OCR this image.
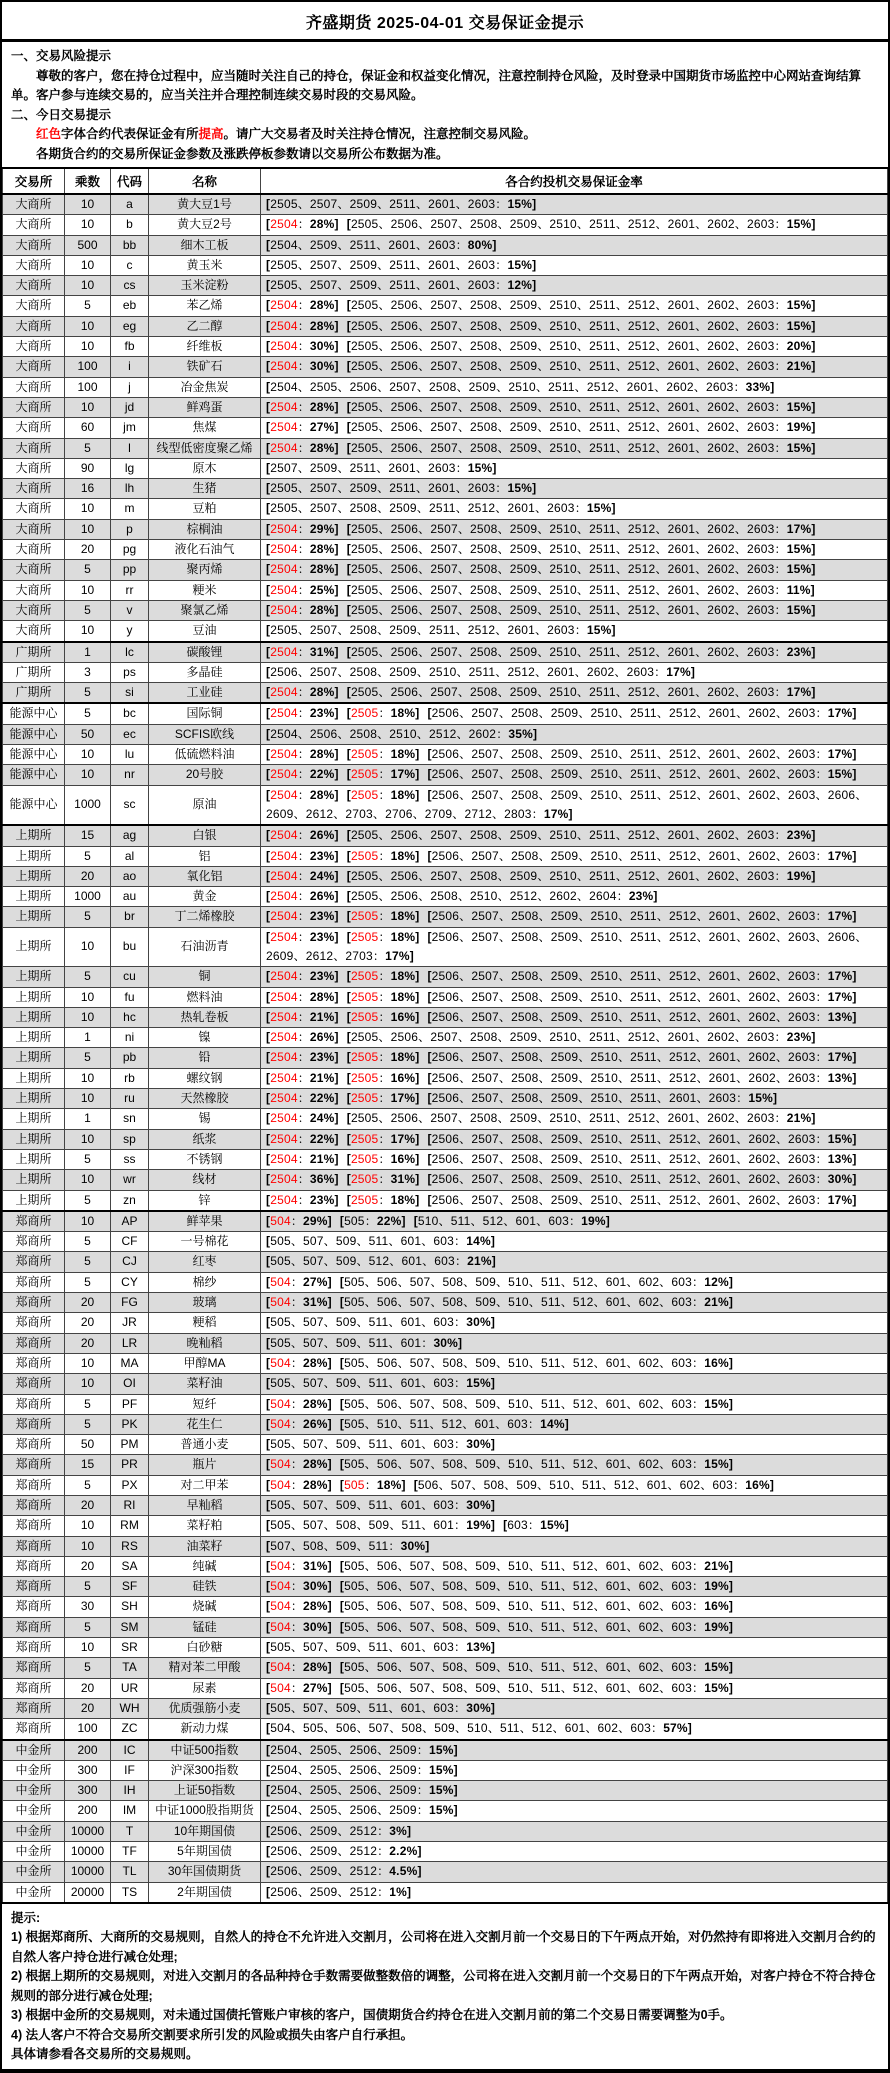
齐盛期货 2025-04-01 交易保证金提示
一、交易风险提示
尊敬的客户，您在持仓过程中，应当随时关注自己的持仓，保证金和权益变化情况，注意控制持仓风险，及时登录中国期货市场监控中心网站查询结算单。客户参与连续交易的，应当关注并合理控制连续交易时段的交易风险。
二、今日交易提示
红色字体合约代表保证金有所提高。请广大交易者及时关注持仓情况，注意控制交易风险。
各期货合约的交易所保证金参数及涨跌停板参数请以交易所公布数据为准。
交易所	乘数	代码	名称	各合约投机交易保证金率
大商所	10	a	黄大豆1号	[2505、2507、2509、2511、2601、2603：15%]
大商所	10	b	黄大豆2号	[2504：28%] [2505、2506、2507、2508、2509、2510、2511、2512、2601、2602、2603：15%]
大商所	500	bb	细木工板	[2504、2509、2511、2601、2603：80%]
大商所	10	c	黄玉米	[2505、2507、2509、2511、2601、2603：15%]
大商所	10	cs	玉米淀粉	[2505、2507、2509、2511、2601、2603：12%]
大商所	5	eb	苯乙烯	[2504：28%] [2505、2506、2507、2508、2509、2510、2511、2512、2601、2602、2603：15%]
大商所	10	eg	乙二醇	[2504：28%] [2505、2506、2507、2508、2509、2510、2511、2512、2601、2602、2603：15%]
大商所	10	fb	纤维板	[2504：30%] [2505、2506、2507、2508、2509、2510、2511、2512、2601、2602、2603：20%]
大商所	100	i	铁矿石	[2504：30%] [2505、2506、2507、2508、2509、2510、2511、2512、2601、2602、2603：21%]
大商所	100	j	冶金焦炭	[2504、2505、2506、2507、2508、2509、2510、2511、2512、2601、2602、2603：33%]
大商所	10	jd	鲜鸡蛋	[2504：28%] [2505、2506、2507、2508、2509、2510、2511、2512、2601、2602、2603：15%]
大商所	60	jm	焦煤	[2504：27%] [2505、2506、2507、2508、2509、2510、2511、2512、2601、2602、2603：19%]
大商所	5	l	线型低密度聚乙烯	[2504：28%] [2505、2506、2507、2508、2509、2510、2511、2512、2601、2602、2603：15%]
大商所	90	lg	原木	[2507、2509、2511、2601、2603：15%]
大商所	16	lh	生猪	[2505、2507、2509、2511、2601、2603：15%]
大商所	10	m	豆粕	[2505、2507、2508、2509、2511、2512、2601、2603：15%]
大商所	10	p	棕榈油	[2504：29%] [2505、2506、2507、2508、2509、2510、2511、2512、2601、2602、2603：17%]
大商所	20	pg	液化石油气	[2504：28%] [2505、2506、2507、2508、2509、2510、2511、2512、2601、2602、2603：15%]
大商所	5	pp	聚丙烯	[2504：28%] [2505、2506、2507、2508、2509、2510、2511、2512、2601、2602、2603：15%]
大商所	10	rr	粳米	[2504：25%] [2505、2506、2507、2508、2509、2510、2511、2512、2601、2602、2603：11%]
大商所	5	v	聚氯乙烯	[2504：28%] [2505、2506、2507、2508、2509、2510、2511、2512、2601、2602、2603：15%]
大商所	10	y	豆油	[2505、2507、2508、2509、2511、2512、2601、2603：15%]
广期所	1	lc	碳酸锂	[2504：31%] [2505、2506、2507、2508、2509、2510、2511、2512、2601、2602、2603：23%]
广期所	3	ps	多晶硅	[2506、2507、2508、2509、2510、2511、2512、2601、2602、2603：17%]
广期所	5	si	工业硅	[2504：28%] [2505、2506、2507、2508、2509、2510、2511、2512、2601、2602、2603：17%]
能源中心	5	bc	国际铜	[2504：23%] [2505：18%] [2506、2507、2508、2509、2510、2511、2512、2601、2602、2603：17%]
能源中心	50	ec	SCFIS欧线	[2504、2506、2508、2510、2512、2602：35%]
能源中心	10	lu	低硫燃料油	[2504：28%] [2505：18%] [2506、2507、2508、2509、2510、2511、2512、2601、2602、2603：17%]
能源中心	10	nr	20号胶	[2504：22%] [2505：17%] [2506、2507、2508、2509、2510、2511、2512、2601、2602、2603：15%]
能源中心	1000	sc	原油	[2504：28%] [2505：18%] [2506、2507、2508、2509、2510、2511、2512、2601、2602、2603、2606、2609、2612、2703、2706、2709、2712、2803：17%]
上期所	15	ag	白银	[2504：26%] [2505、2506、2507、2508、2509、2510、2511、2512、2601、2602、2603：23%]
上期所	5	al	铝	[2504：23%] [2505：18%] [2506、2507、2508、2509、2510、2511、2512、2601、2602、2603：17%]
上期所	20	ao	氧化铝	[2504：24%] [2505、2506、2507、2508、2509、2510、2511、2512、2601、2602、2603：19%]
上期所	1000	au	黄金	[2504：26%] [2505、2506、2508、2510、2512、2602、2604：23%]
上期所	5	br	丁二烯橡胶	[2504：23%] [2505：18%] [2506、2507、2508、2509、2510、2511、2512、2601、2602、2603：17%]
上期所	10	bu	石油沥青	[2504：23%] [2505：18%] [2506、2507、2508、2509、2510、2511、2512、2601、2602、2603、2606、2609、2612、2703：17%]
上期所	5	cu	铜	[2504：23%] [2505：18%] [2506、2507、2508、2509、2510、2511、2512、2601、2602、2603：17%]
上期所	10	fu	燃料油	[2504：28%] [2505：18%] [2506、2507、2508、2509、2510、2511、2512、2601、2602、2603：17%]
上期所	10	hc	热轧卷板	[2504：21%] [2505：16%] [2506、2507、2508、2509、2510、2511、2512、2601、2602、2603：13%]
上期所	1	ni	镍	[2504：26%] [2505、2506、2507、2508、2509、2510、2511、2512、2601、2602、2603：23%]
上期所	5	pb	铅	[2504：23%] [2505：18%] [2506、2507、2508、2509、2510、2511、2512、2601、2602、2603：17%]
上期所	10	rb	螺纹钢	[2504：21%] [2505：16%] [2506、2507、2508、2509、2510、2511、2512、2601、2602、2603：13%]
上期所	10	ru	天然橡胶	[2504：22%] [2505：17%] [2506、2507、2508、2509、2510、2511、2601、2603：15%]
上期所	1	sn	锡	[2504：24%] [2505、2506、2507、2508、2509、2510、2511、2512、2601、2602、2603：21%]
上期所	10	sp	纸浆	[2504：22%] [2505：17%] [2506、2507、2508、2509、2510、2511、2512、2601、2602、2603：15%]
上期所	5	ss	不锈钢	[2504：21%] [2505：16%] [2506、2507、2508、2509、2510、2511、2512、2601、2602、2603：13%]
上期所	10	wr	线材	[2504：36%] [2505：31%] [2506、2507、2508、2509、2510、2511、2512、2601、2602、2603：30%]
上期所	5	zn	锌	[2504：23%] [2505：18%] [2506、2507、2508、2509、2510、2511、2512、2601、2602、2603：17%]
郑商所	10	AP	鲜苹果	[504：29%] [505：22%] [510、511、512、601、603：19%]
郑商所	5	CF	一号棉花	[505、507、509、511、601、603：14%]
郑商所	5	CJ	红枣	[505、507、509、512、601、603：21%]
郑商所	5	CY	棉纱	[504：27%] [505、506、507、508、509、510、511、512、601、602、603：12%]
郑商所	20	FG	玻璃	[504：31%] [505、506、507、508、509、510、511、512、601、602、603：21%]
郑商所	20	JR	粳稻	[505、507、509、511、601、603：30%]
郑商所	20	LR	晚籼稻	[505、507、509、511、601：30%]
郑商所	10	MA	甲醇MA	[504：28%] [505、506、507、508、509、510、511、512、601、602、603：16%]
郑商所	10	OI	菜籽油	[505、507、509、511、601、603：15%]
郑商所	5	PF	短纤	[504：28%] [505、506、507、508、509、510、511、512、601、602、603：15%]
郑商所	5	PK	花生仁	[504：26%] [505、510、511、512、601、603：14%]
郑商所	50	PM	普通小麦	[505、507、509、511、601、603：30%]
郑商所	15	PR	瓶片	[504：28%] [505、506、507、508、509、510、511、512、601、602、603：15%]
郑商所	5	PX	对二甲苯	[504：28%] [505：18%] [506、507、508、509、510、511、512、601、602、603：16%]
郑商所	20	RI	早籼稻	[505、507、509、511、601、603：30%]
郑商所	10	RM	菜籽粕	[505、507、508、509、511、601：19%] [603：15%]
郑商所	10	RS	油菜籽	[507、508、509、511：30%]
郑商所	20	SA	纯碱	[504：31%] [505、506、507、508、509、510、511、512、601、602、603：21%]
郑商所	5	SF	硅铁	[504：30%] [505、506、507、508、509、510、511、512、601、602、603：19%]
郑商所	30	SH	烧碱	[504：28%] [505、506、507、508、509、510、511、512、601、602、603：16%]
郑商所	5	SM	锰硅	[504：30%] [505、506、507、508、509、510、511、512、601、602、603：19%]
郑商所	10	SR	白砂糖	[505、507、509、511、601、603：13%]
郑商所	5	TA	精对苯二甲酸	[504：28%] [505、506、507、508、509、510、511、512、601、602、603：15%]
郑商所	20	UR	尿素	[504：27%] [505、506、507、508、509、510、511、512、601、602、603：15%]
郑商所	20	WH	优质强筋小麦	[505、507、509、511、601、603：30%]
郑商所	100	ZC	新动力煤	[504、505、506、507、508、509、510、511、512、601、602、603：57%]
中金所	200	IC	中证500指数	[2504、2505、2506、2509：15%]
中金所	300	IF	沪深300指数	[2504、2505、2506、2509：15%]
中金所	300	IH	上证50指数	[2504、2505、2506、2509：15%]
中金所	200	IM	中证1000股指期货	[2504、2505、2506、2509：15%]
中金所	10000	T	10年期国债	[2506、2509、2512：3%]
中金所	10000	TF	5年期国债	[2506、2509、2512：2.2%]
中金所	10000	TL	30年国债期货	[2506、2509、2512：4.5%]
中金所	20000	TS	2年期国债	[2506、2509、2512：1%]
提示:
1) 根据郑商所、大商所的交易规则，自然人的持仓不允许进入交割月，公司将在进入交割月前一个交易日的下午两点开始，对仍然持有即将进入交割月合约的自然人客户持仓进行减仓处理;
2) 根据上期所的交易规则，对进入交割月的各品种持仓手数需要做整数倍的调整，公司将在进入交割月前一个交易日的下午两点开始，对客户持仓不符合持仓规则的部分进行减仓处理;
3) 根据中金所的交易规则，对未通过国债托管账户审核的客户，国债期货合约持仓在进入交割月前的第二个交易日需要调整为0手。
4) 法人客户不符合交易所交割要求所引发的风险或损失由客户自行承担。
具体请参看各交易所的交易规则。
